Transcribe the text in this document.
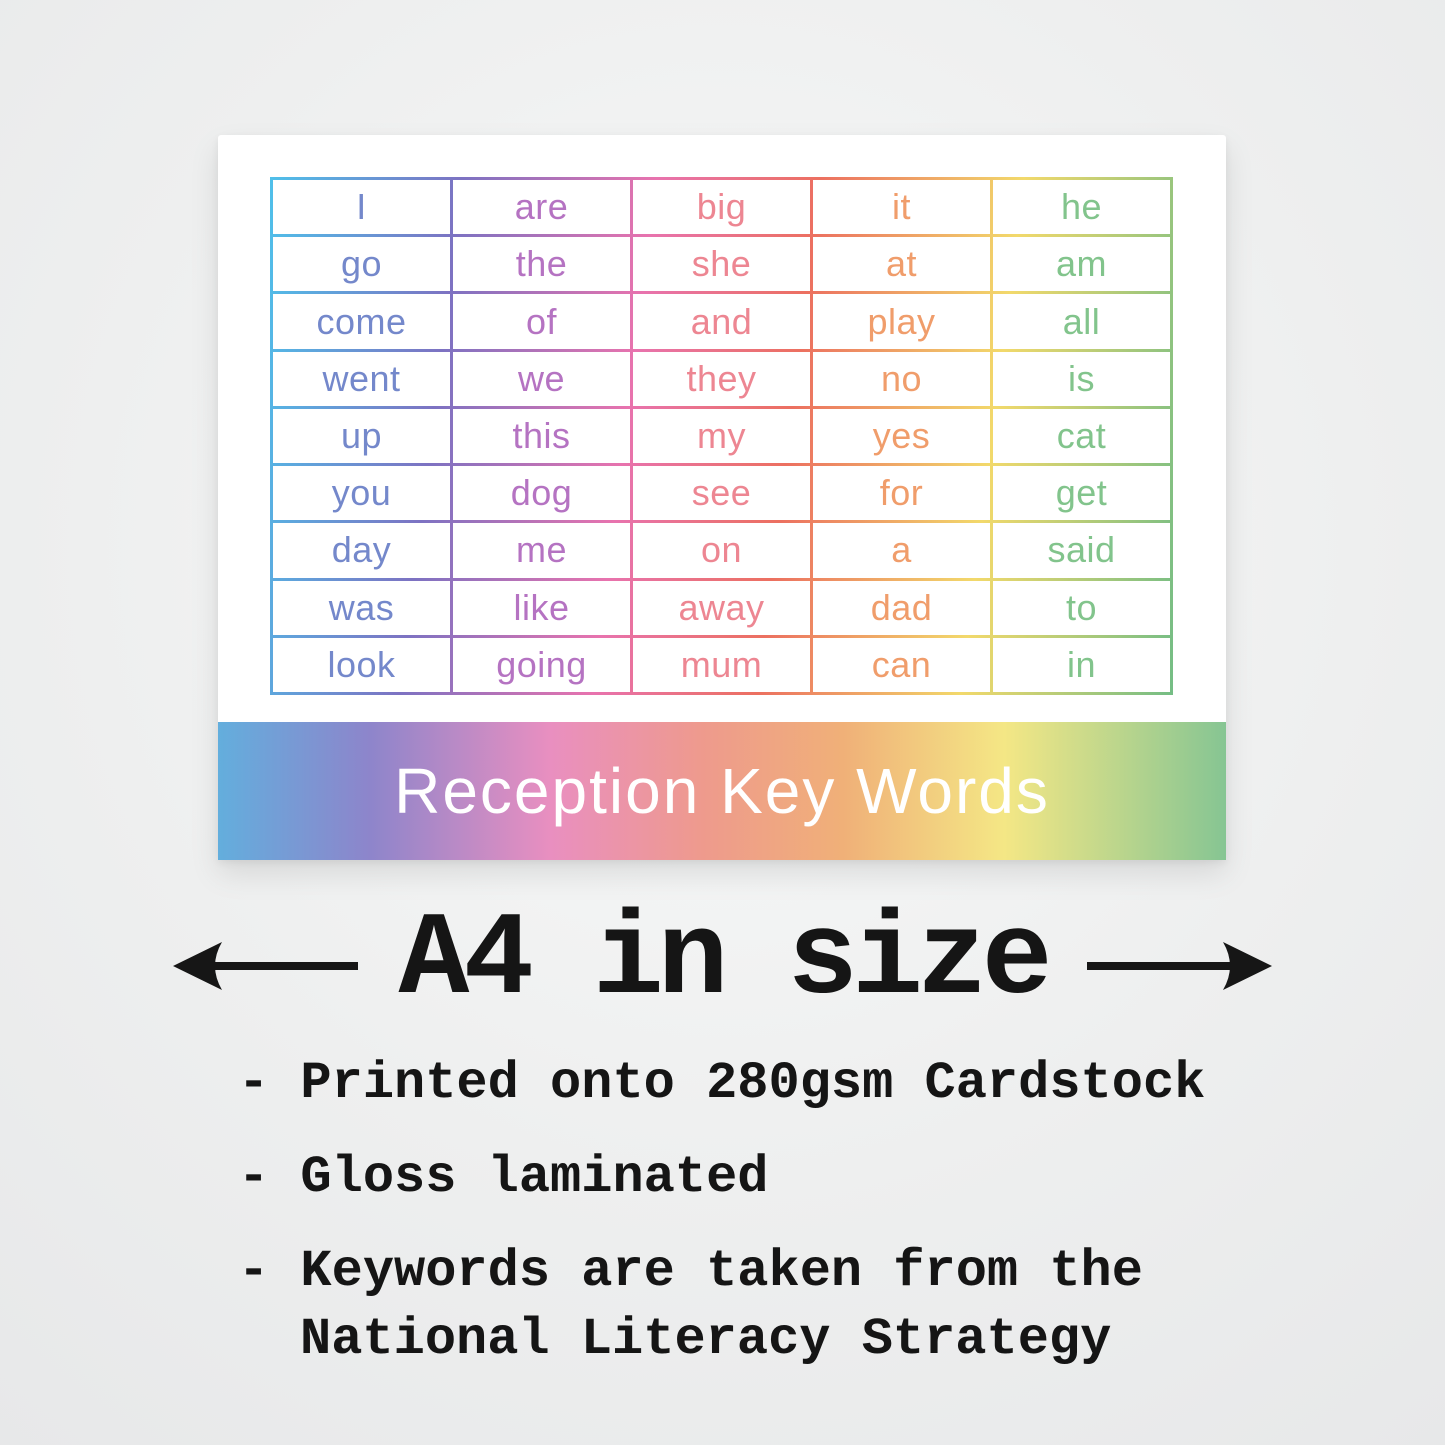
I	are	big	it	he
go	the	she	at	am
come	of	and	play	all
went	we	they	no	is
up	this	my	yes	cat
you	dog	see	for	get
day	me	on	a	said
was	like	away	dad	to
look	going	mum	can	in
Reception Key Words
A4 in size
- Printed onto 280gsm Cardstock
- Gloss laminated
- Keywords are taken from the National Literacy Strategy
